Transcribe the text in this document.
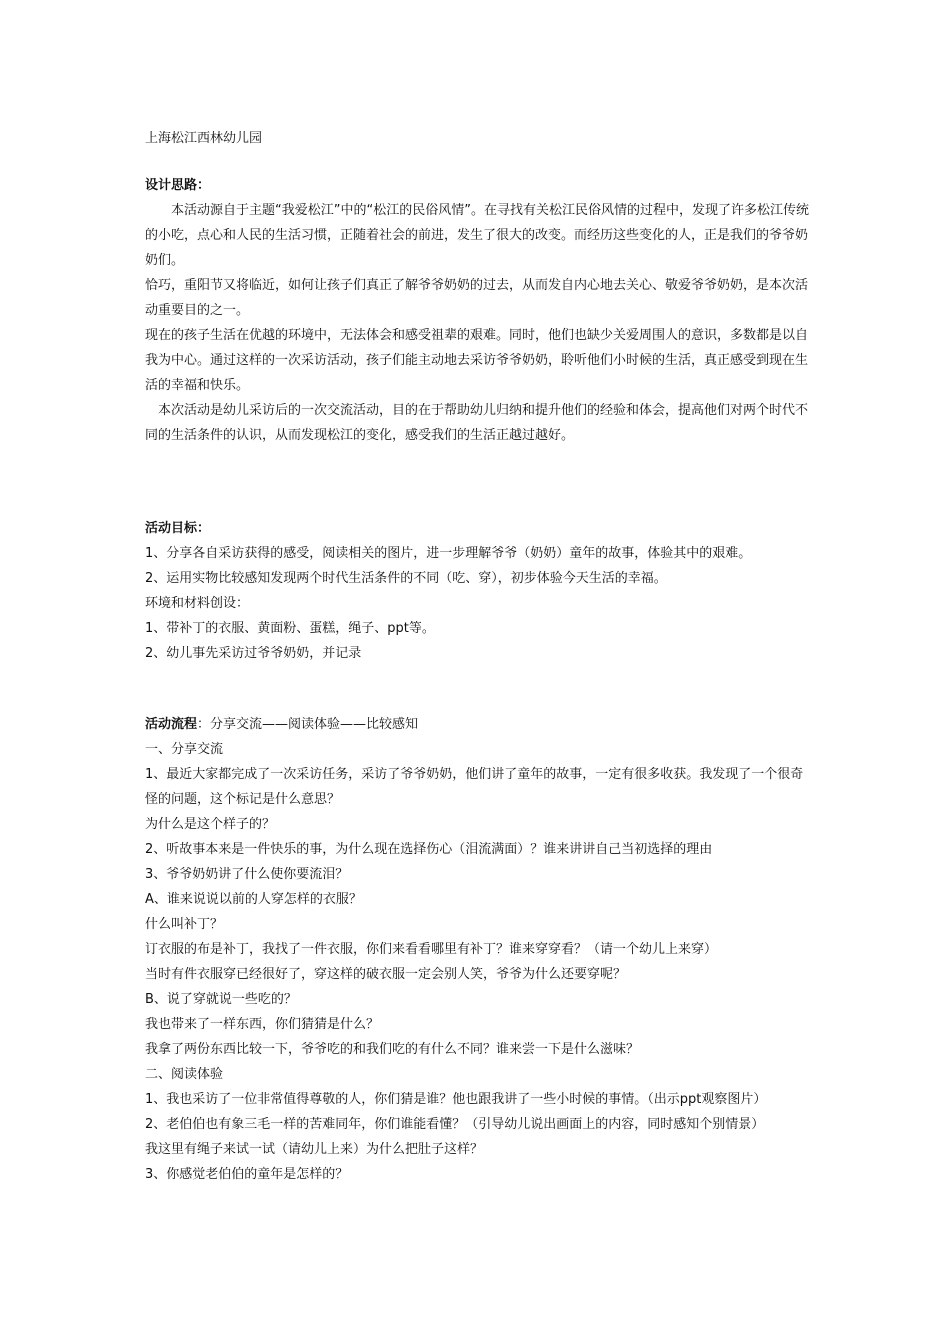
上海松江西林幼儿园

设计思路：

本活动源自于主题“我爱松江”中的“松江的民俗风情”。在寻找有关松江民俗风情的过程中，发现了许多松江传统的小吃，点心和人民的生活习惯，正随着社会的前进，发生了很大的改变。而经历这些变化的人，正是我们的爷爷奶奶们。

恰巧，重阳节又将临近，如何让孩子们真正了解爷爷奶奶的过去，从而发自内心地去关心、敬爱爷爷奶奶，是本次活动重要目的之一。

现在的孩子生活在优越的环境中，无法体会和感受祖辈的艰难。同时，他们也缺少关爱周围人的意识，多数都是以自我为中心。通过这样的一次采访活动，孩子们能主动地去采访爷爷奶奶，聆听他们小时候的生活，真正感受到现在生活的幸福和快乐。

本次活动是幼儿采访后的一次交流活动，目的在于帮助幼儿归纳和提升他们的经验和体会，提高他们对两个时代不同的生活条件的认识，从而发现松江的变化，感受我们的生活正越过越好。

活动目标：

1、分享各自采访获得的感受，阅读相关的图片，进一步理解爷爷（奶奶）童年的故事，体验其中的艰难。

2、运用实物比较感知发现两个时代生活条件的不同（吃、穿），初步体验今天生活的幸福。

环境和材料创设：

1、带补丁的衣服、黄面粉、蛋糕，绳子、ppt等。

2、幼儿事先采访过爷爷奶奶，并记录

活动流程：分享交流——阅读体验——比较感知

一、分享交流

1、最近大家都完成了一次采访任务，采访了爷爷奶奶，他们讲了童年的故事，一定有很多收获。我发现了一个很奇怪的问题，这个标记是什么意思？

为什么是这个样子的？

2、听故事本来是一件快乐的事，为什么现在选择伤心（泪流满面）？谁来讲讲自己当初选择的理由

3、爷爷奶奶讲了什么使你要流泪？

A、谁来说说以前的人穿怎样的衣服？

什么叫补丁？

订衣服的布是补丁，我找了一件衣服，你们来看看哪里有补丁？谁来穿穿看？（请一个幼儿上来穿）

当时有件衣服穿已经很好了，穿这样的破衣服一定会别人笑，爷爷为什么还要穿呢？

B、说了穿就说一些吃的？

我也带来了一样东西，你们猜猜是什么？

我拿了两份东西比较一下，爷爷吃的和我们吃的有什么不同？谁来尝一下是什么滋味？

二、阅读体验

1、我也采访了一位非常值得尊敬的人，你们猜是谁？他也跟我讲了一些小时候的事情。（出示ppt观察图片）

2、老伯伯也有象三毛一样的苦难同年，你们谁能看懂？（引导幼儿说出画面上的内容，同时感知个别情景）

我这里有绳子来试一试（请幼儿上来）为什么把肚子这样？

3、你感觉老伯伯的童年是怎样的？
